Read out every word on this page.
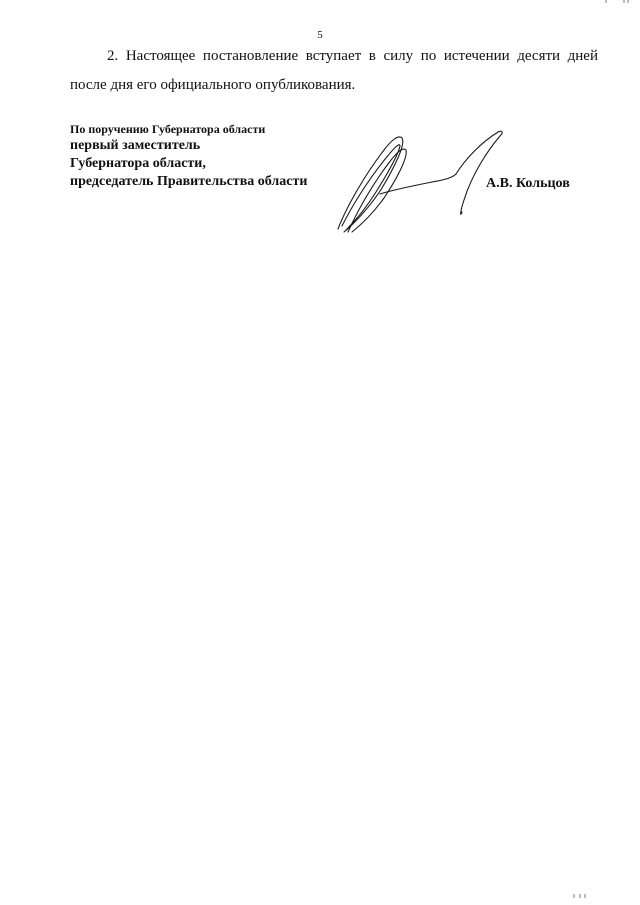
5

2. Настоящее постановление вступает в силу по истечении десяти дней после дня его официального опубликования.

По поручению Губернатора области
первый заместитель
Губернатора области,
председатель Правительства области	А.В. Кольцов
